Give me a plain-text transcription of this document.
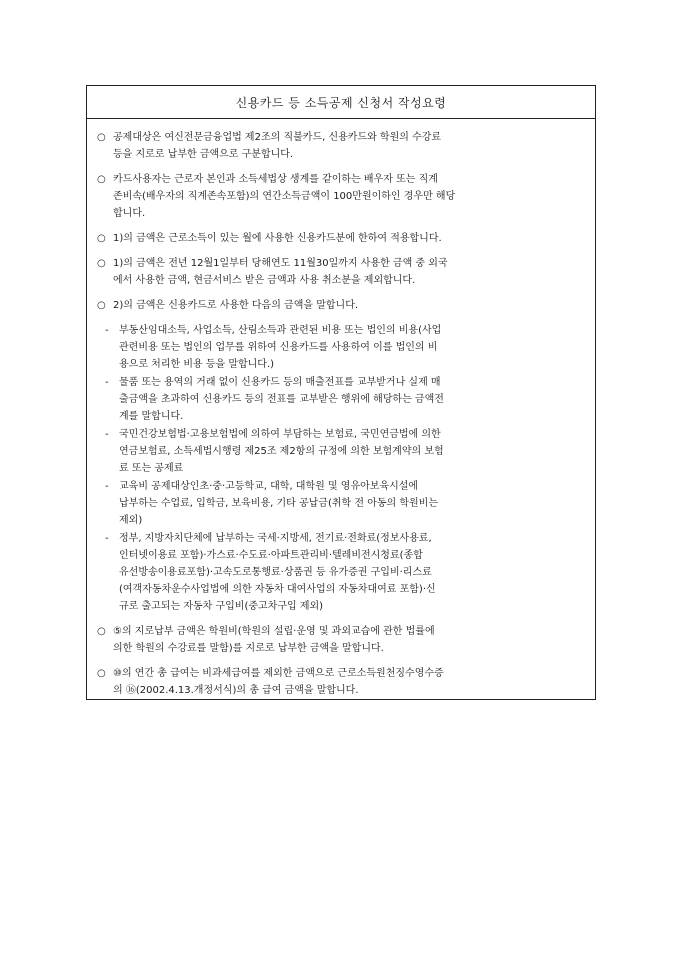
신용카드 등 소득공제 신청서 작성요령
○ 공제대상은 여신전문금융업법 제2조의 직불카드, 신용카드와 학원의 수강료
등을 지로로 납부한 금액으로 구분합니다.
○ 카드사용자는 근로자 본인과 소득세법상 생계를 같이하는 배우자 또는 직계
존비속(배우자의 직계존속포함)의 연간소득금액이 100만원이하인 경우만 해당
합니다.
○ 1)의 금액은 근로소득이 있는 월에 사용한 신용카드분에 한하여 적용합니다.
○ 1)의 금액은 전년 12월1일부터 당해연도 11월30일까지 사용한 금액 중 외국
에서 사용한 금액, 현금서비스 받은 금액과 사용 취소분을 제외합니다.
○ 2)의 금액은 신용카드로 사용한 다음의 금액을 말합니다.
- 부동산임대소득, 사업소득, 산림소득과 관련된 비용 또는 법인의 비용(사업
관련비용 또는 법인의 업무를 위하여 신용카드를 사용하여 이를 법인의 비
용으로 처리한 비용 등을 말합니다.)
- 물품 또는 용역의 거래 없이 신용카드 등의 매출전표를 교부받거나 실제 매
출금액을 초과하여 신용카드 등의 전표를 교부받은 행위에 해당하는 금액전
계를 말합니다.
- 국민건강보험법·고용보험법에 의하여 부담하는 보험료, 국민연금법에 의한
연금보험료, 소득세법시행령 제25조 제2항의 규정에 의한 보험계약의 보험
료 또는 공제료
- 교육비 공제대상인초·중·고등학교, 대학, 대학원 및 영유아보육시설에
납부하는 수업료, 입학금, 보육비용, 기타 공납금(취학 전 아동의 학원비는
제외)
- 정부, 지방자치단체에 납부하는 국세·지방세, 전기료·전화료(정보사용료,
인터넷이용료 포함)·가스료·수도료·아파트관리비·텔레비전시청료(종합
유선방송이용료포함)·고속도로통행료·상품권 등 유가증권 구입비·리스료
(여객자동차운수사업법에 의한 자동차 대여사업의 자동차대여료 포함)·신
규로 출고되는 자동차 구입비(중고차구입 제외)
○ ⑤의 지로납부 금액은 학원비(학원의 설립·운영 및 과외교습에 관한 법률에
의한 학원의 수강료를 말함)를 지로로 납부한 금액을 말합니다.
○ ⑩의 연간 총 급여는 비과세급여를 제외한 금액으로 근로소득원천징수영수증
의 ⑯(2002.4.13.개정서식)의 총 급여 금액을 말합니다.
